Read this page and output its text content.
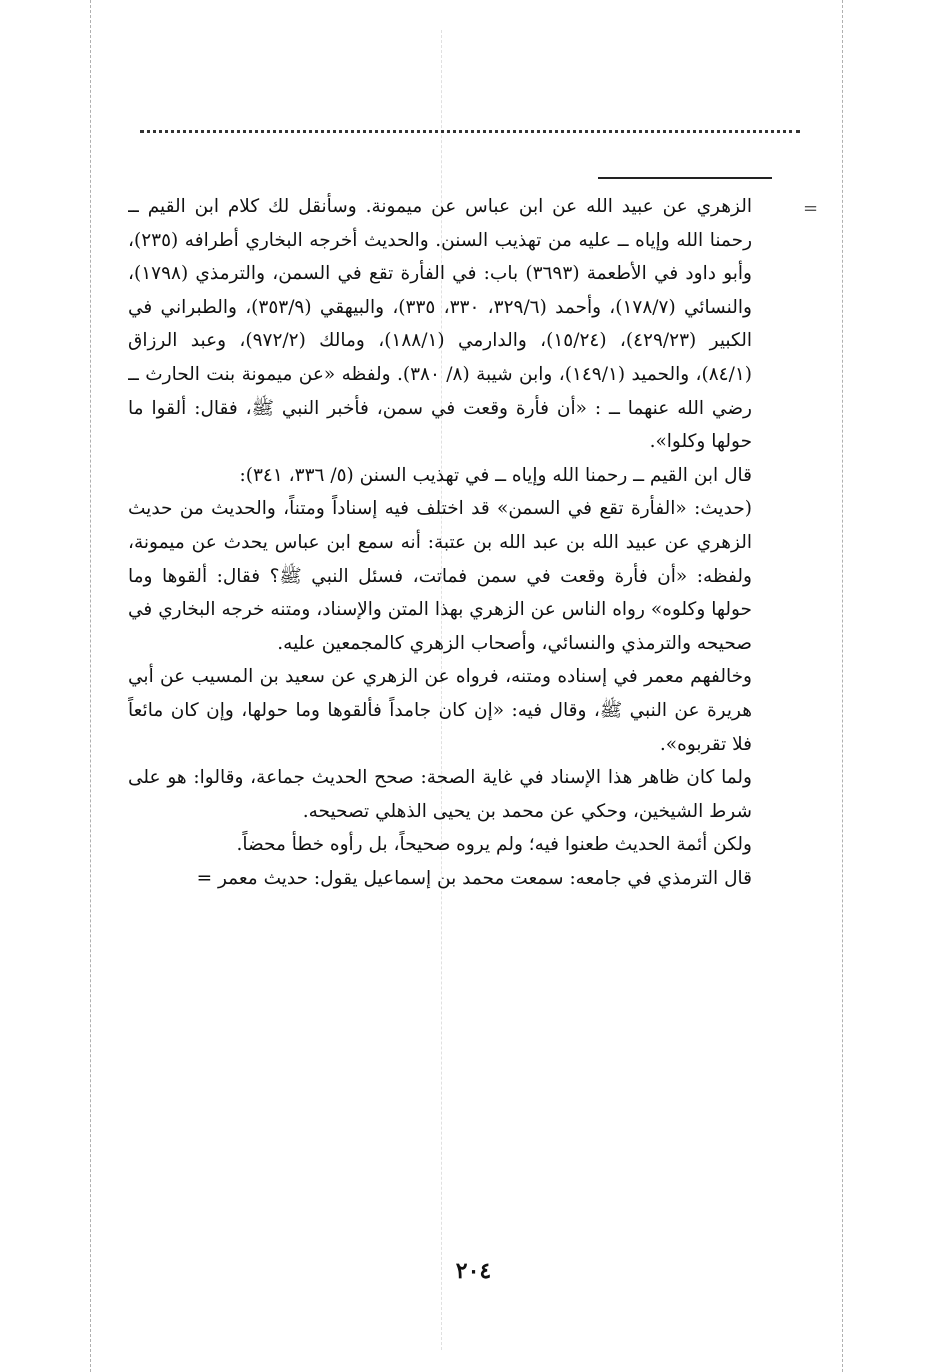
=

الزهري عن عبيد الله عن ابن عباس عن ميمونة. وسأنقل لك كلام ابن القيم ــ رحمنا الله وإياه ــ عليه من تهذيب السنن. والحديث أخرجه البخاري أطرافه (٢٣٥)، وأبو داود في الأطعمة (٣٦٩٣) باب: في الفأرة تقع في السمن، والترمذي (١٧٩٨)، والنسائي (١٧٨/٧)، وأحمد (٣٢٩/٦، ٣٣٠، ٣٣٥)، والبيهقي (٣٥٣/٩)، والطبراني في الكبير (٤٢٩/٢٣)، (١٥/٢٤)، والدارمي (١٨٨/١)، ومالك (٩٧٢/٢)، وعبد الرزاق (٨٤/١)، والحميد (١٤٩/١)، وابن شيبة (٨/ ٣٨٠). ولفظه «عن ميمونة بنت الحارث ــ رضي الله عنهما ــ : «أن فأرة وقعت في سمن، فأخبر النبي ﷺ، فقال: ألقوا ما حولها وكلوا».

قال ابن القيم ــ رحمنا الله وإياه ــ في تهذيب السنن (٥/ ٣٣٦، ٣٤١):

(حديث: «الفأرة تقع في السمن» قد اختلف فيه إسناداً ومتناً، والحديث من حديث الزهري عن عبيد الله بن عبد الله بن عتبة: أنه سمع ابن عباس يحدث عن ميمونة، ولفظه: «أن فأرة وقعت في سمن فماتت، فسئل النبي ﷺ؟ فقال: ألقوها وما حولها وكلوه» رواه الناس عن الزهري بهذا المتن والإسناد، ومتنه خرجه البخاري في صحيحه والترمذي والنسائي، وأصحاب الزهري كالمجمعين عليه.

وخالفهم معمر في إسناده ومتنه، فرواه عن الزهري عن سعيد بن المسيب عن أبي هريرة عن النبي ﷺ، وقال فيه: «إن كان جامداً فألقوها وما حولها، وإن كان مائعاً فلا تقربوه».

ولما كان ظاهر هذا الإسناد في غاية الصحة: صحح الحديث جماعة، وقالوا: هو على شرط الشيخين، وحكي عن محمد بن يحيى الذهلي تصحيحه.

ولكن أئمة الحديث طعنوا فيه؛ ولم يروه صحيحاً، بل رأوه خطأ محضاً.

قال الترمذي في جامعه: سمعت محمد بن إسماعيل يقول: حديث معمر =

٢٠٤
